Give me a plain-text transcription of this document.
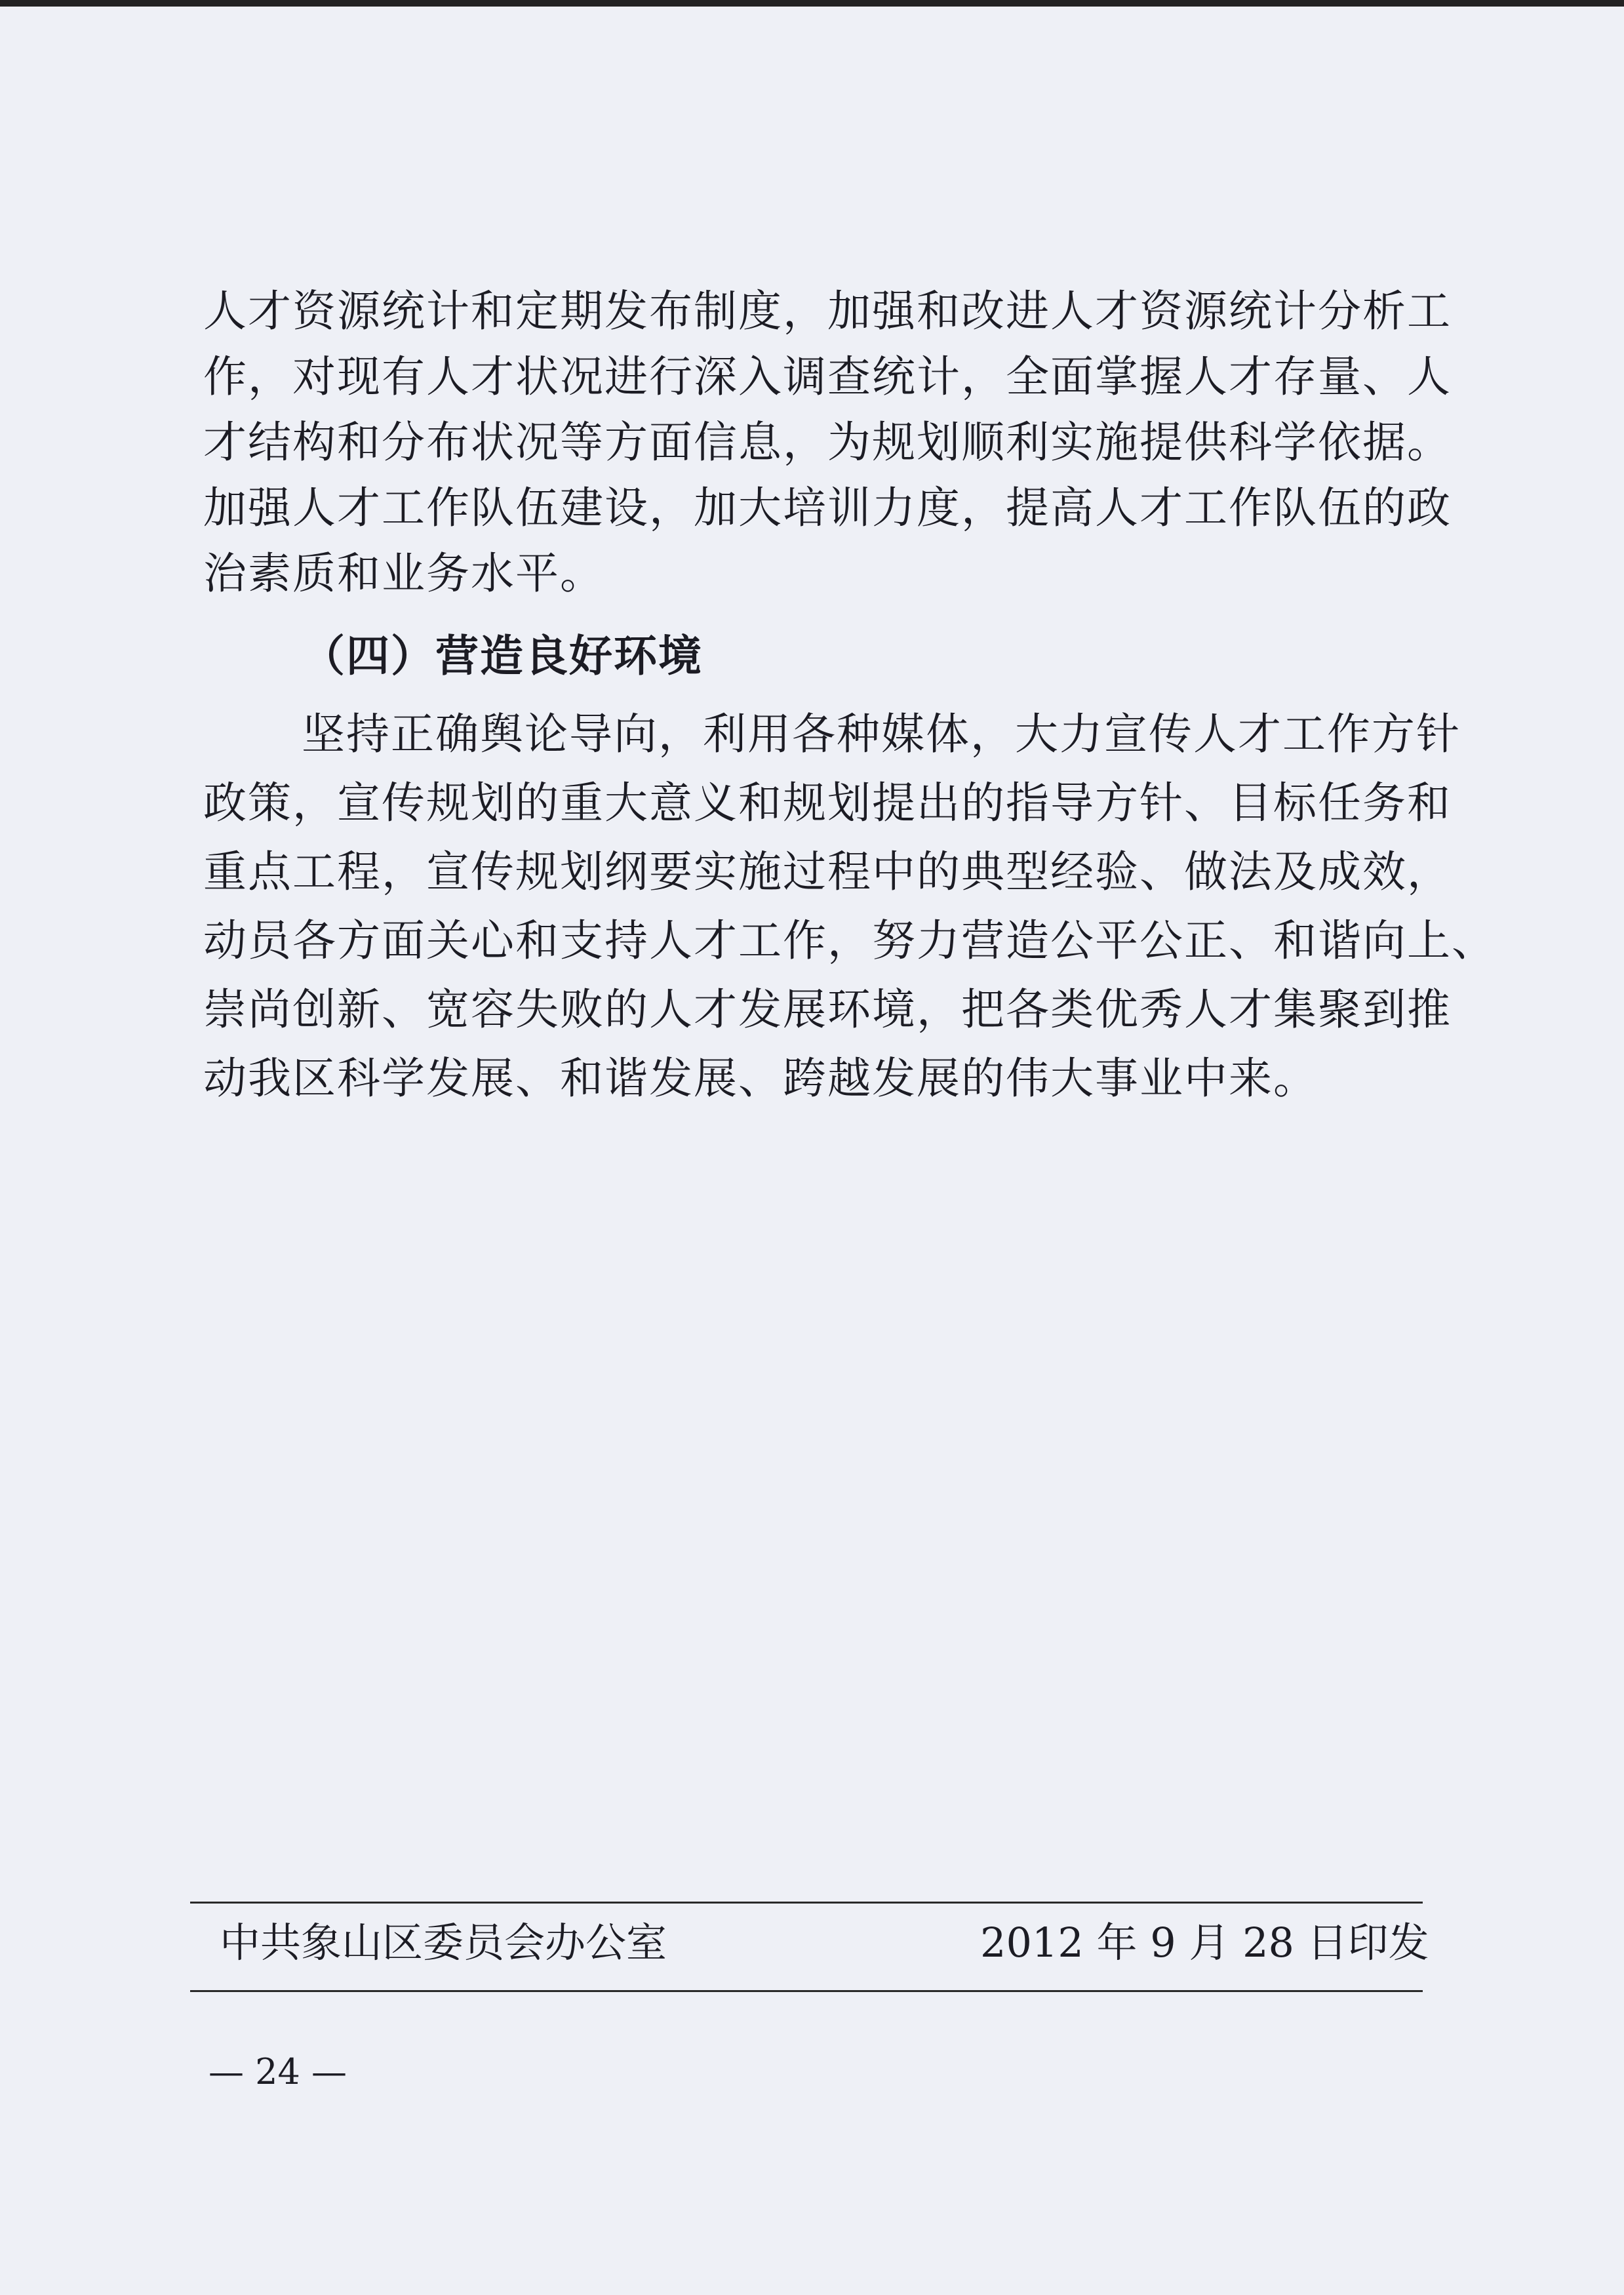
人才资源统计和定期发布制度，加强和改进人才资源统计分析工
作，对现有人才状况进行深入调查统计，全面掌握人才存量、人
才结构和分布状况等方面信息，为规划顺利实施提供科学依据。
加强人才工作队伍建设，加大培训力度，提高人才工作队伍的政
治素质和业务水平。
（四）营造良好环境
坚持正确舆论导向，利用各种媒体，大力宣传人才工作方针
政策，宣传规划的重大意义和规划提出的指导方针、目标任务和
重点工程，宣传规划纲要实施过程中的典型经验、做法及成效，
动员各方面关心和支持人才工作，努力营造公平公正、和谐向上、
崇尚创新、宽容失败的人才发展环境，把各类优秀人才集聚到推
动我区科学发展、和谐发展、跨越发展的伟大事业中来。
中共象山区委员会办公室	2012 年 9 月 28 日印发
— 24 —
